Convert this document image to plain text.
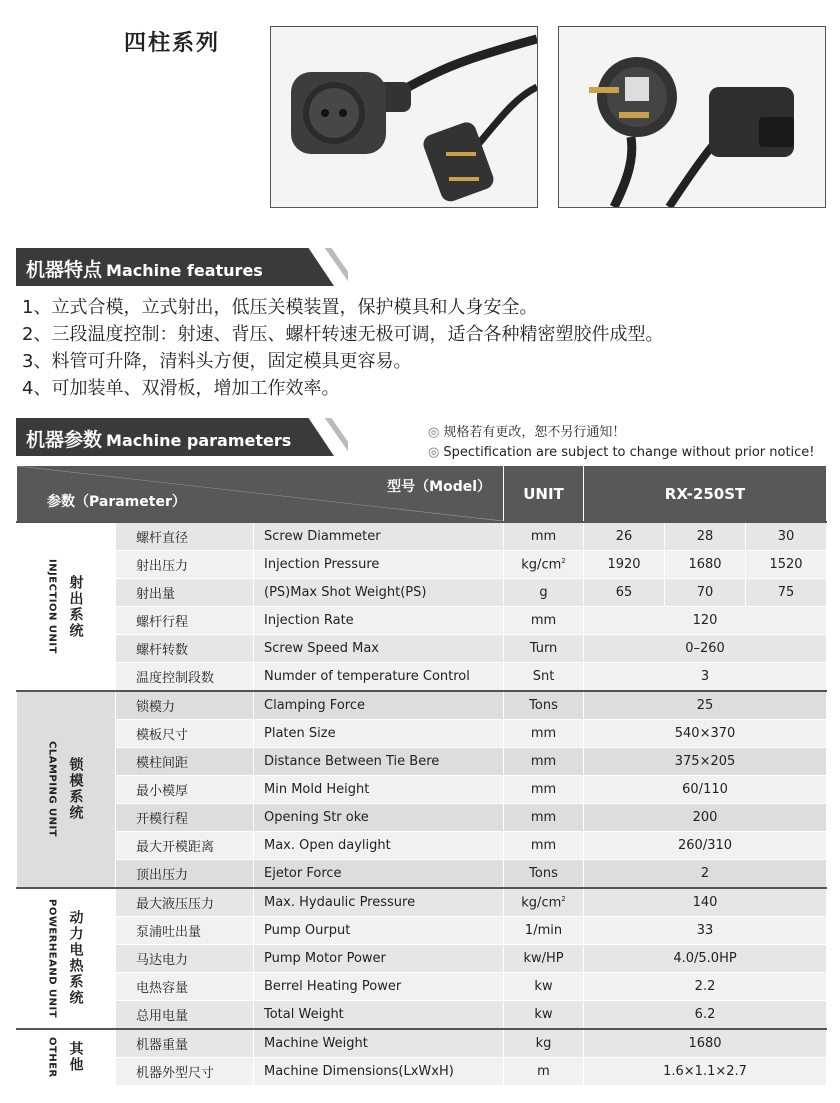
四柱系列
机器特点 Machine features
1、立式合模，立式射出，低压关模装置，保护模具和人身安全。
2、三段温度控制：射速、背压、螺杆转速无极可调，适合各种精密塑胶件成型。
3、料管可升降，清料头方便，固定模具更容易。
4、可加装单、双滑板，增加工作效率。
机器参数 Machine parameters	◎ 规格若有更改，恕不另行通知！
◎ Spectification are subject to change without prior notice!
型号（Model）
参数（Parameter）			UNIT	RX-250ST		

INJECTION UNIT 射出系统	螺杆直径	Screw Diammeter	mm	26	28	30
	射出压力	Injection Pressure	$kg/cm^2$	1920	1680	1520
	射出量	(PS)Max Shot Weight(PS)	g	65	70	75
	螺杆行程	Injection Rate	mm	120		
	螺杆转数	Screw Speed Max	Turn	0–260		
	温度控制段数	Numder of temperature Control	Snt	3		

CLAMPING UNIT 锁模系统	锁模力	Clamping Force	Tons	25		
	模板尺寸	Platen Size	mm	540×370		
	模柱间距	Distance Between Tie Bere	mm	375×205		
	最小模厚	Min Mold Height	mm	60/110		
	开模行程	Opening Str oke	mm	200		
	最大开模距离	Max. Open daylight	mm	260/310		
	顶出压力	Ejetor Force	Tons	2		

POWERHEAND UNIT 动力电热系统	最大液压压力	Max. Hydaulic Pressure	$kg/cm^2$	140		
	泵浦吐出量	Pump Ourput	1/min	33		
	马达电力	Pump Motor Power	kw/HP	4.0/5.0HP		
	电热容量	Berrel Heating Power	kw	2.2		
	总用电量	Total Weight	kw	6.2		

OTHER 其他	机器重量	Machine Weight	kg	1680		
	机器外型尺寸	Machine Dimensions(LxWxH)	m	1.6×1.1×2.7		
